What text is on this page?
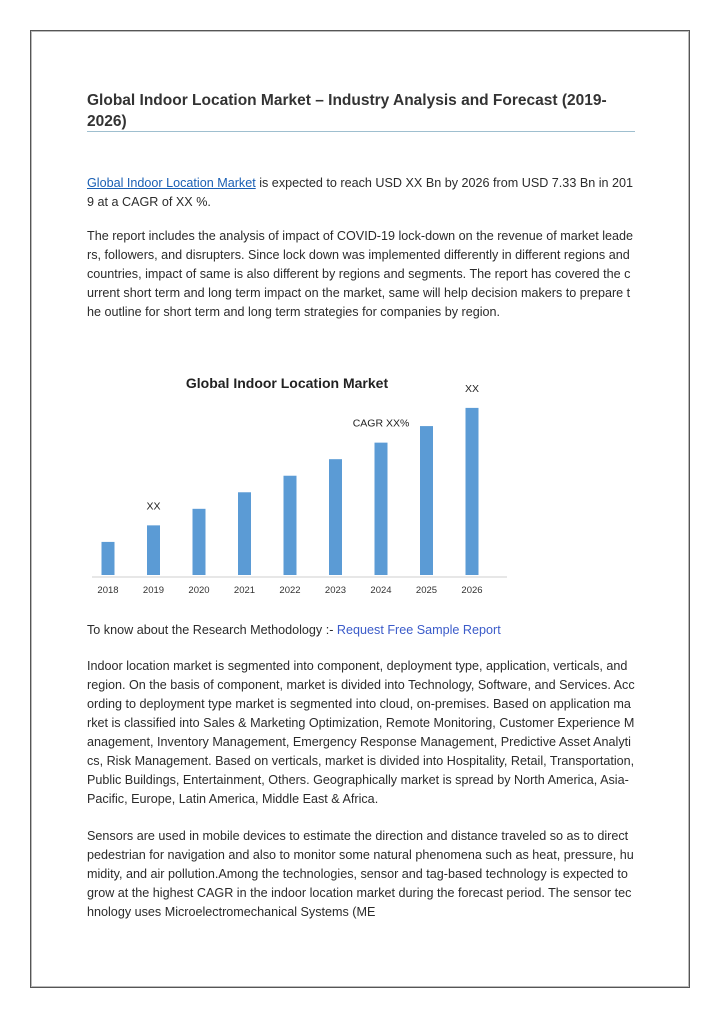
Global Indoor Location Market – Industry Analysis and Forecast (2019-2026)

Global Indoor Location Market is expected to reach USD XX Bn by 2026 from USD 7.33 Bn in 2019 at a CAGR of XX %.

The report includes the analysis of impact of COVID-19 lock-down on the revenue of market leaders, followers, and disrupters. Since lock down was implemented differently in different regions and countries, impact of same is also different by regions and segments. The report has covered the current short term and long term impact on the market, same will help decision makers to prepare the outline for short term and long term strategies for companies by region.

Global Indoor Location Market
2018	2019	2020	2021	2022	2023	2024	2025	2026
XX
CAGR XX%
XX

To know about the Research Methodology :- Request Free Sample Report

Indoor location market is segmented into component, deployment type, application, verticals, and region. On the basis of component, market is divided into Technology, Software, and Services. According to deployment type market is segmented into cloud, on-premises. Based on application market is classified into Sales & Marketing Optimization, Remote Monitoring, Customer Experience Management, Inventory Management, Emergency Response Management, Predictive Asset Analytics, Risk Management. Based on verticals, market is divided into Hospitality, Retail, Transportation, Public Buildings, Entertainment, Others. Geographically market is spread by North America, Asia-Pacific, Europe, Latin America, Middle East & Africa.

Sensors are used in mobile devices to estimate the direction and distance traveled so as to direct pedestrian for navigation and also to monitor some natural phenomena such as heat, pressure, humidity, and air pollution.Among the technologies, sensor and tag-based technology is expected to grow at the highest CAGR in the indoor location market during the forecast period. The sensor technology uses Microelectromechanical Systems (ME
